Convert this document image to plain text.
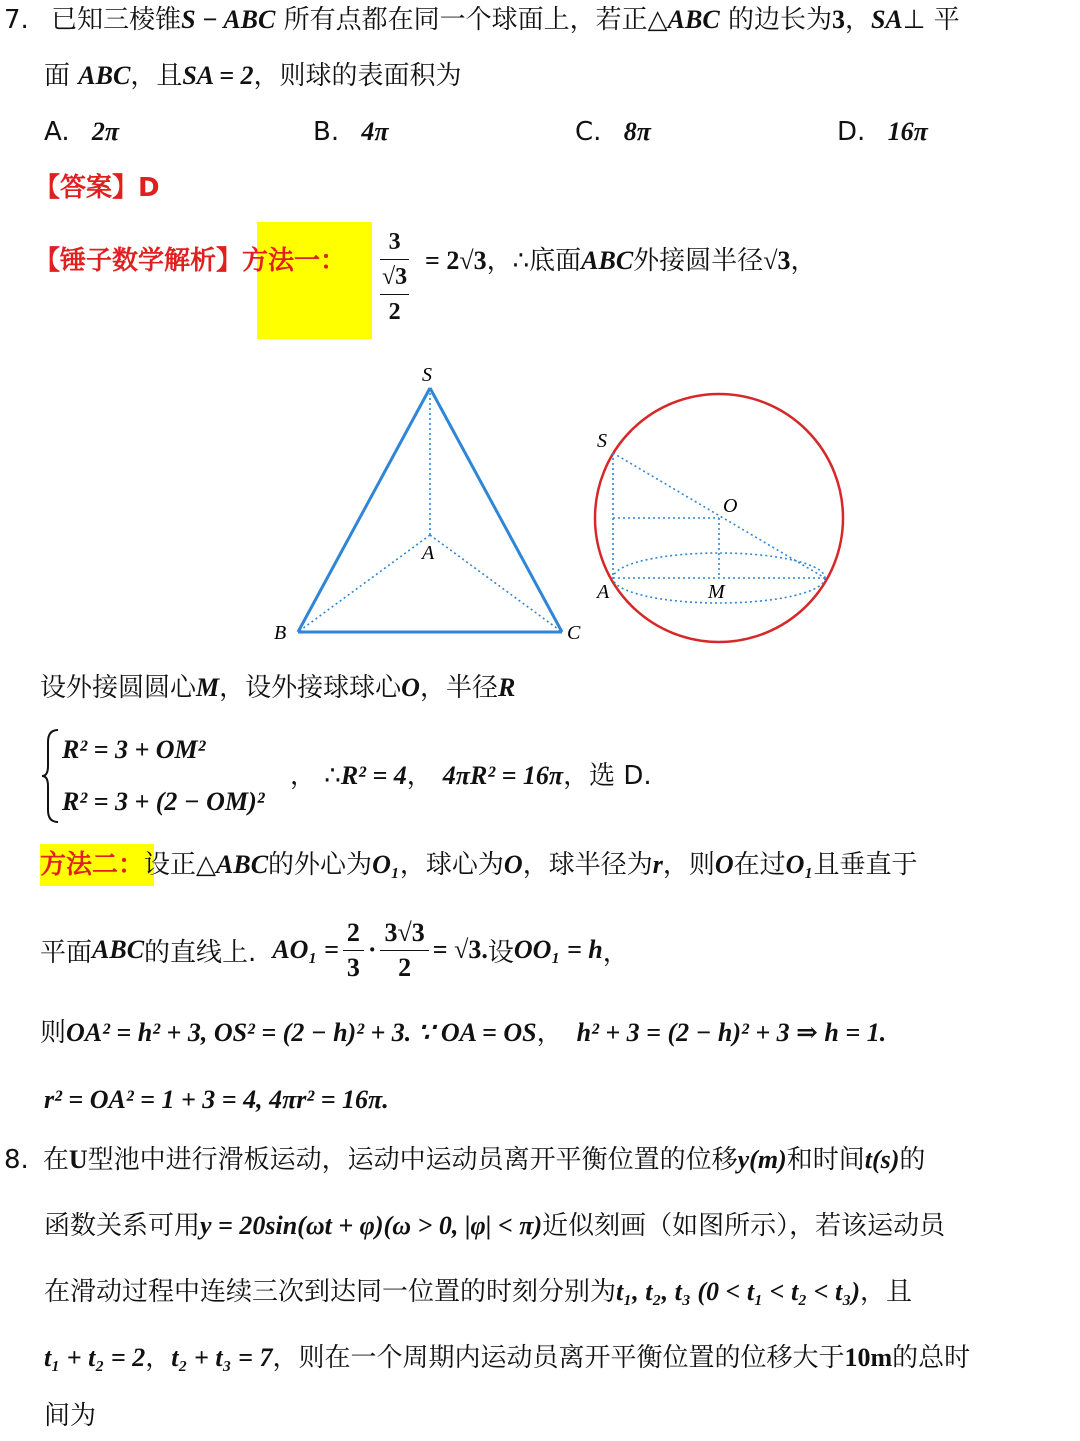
7. 已知三棱锥S − ABC 所有点都在同一个球面上，若正△ABC 的边长为3，SA⊥ 平
面 ABC，且SA = 2，则球的表面积为
A. 2π	B. 4π	C. 8π	D. 16π
【答案】D
【锤子数学解析】方法一：
3
√3
2
= 2√3，∴底面ABC外接圆半径√3，
S
A
B	C
S
O
A	M
设外接圆圆心M，设外接球球心O，半径R
R² = 3 + OM²
R² = 3 + (2 − OM)²
， ∴R² = 4， 4πR² = 16π，选 D.
方法二：设正△ABC的外心为O₁，球心为O，球半径为r，则O在过O₁且垂直于
平面 ABC 的直线上. $AO_1 = \frac{2}{3} \cdot \frac{3√3}{2} = √3$. 设 OO₁ = h ，
则OA² = h² + 3, OS² = (2 − h)² + 3. ∵ OA = OS， h² + 3 = (2 − h)² + 3 ⇒ h = 1.
r² = OA² = 1 + 3 = 4, 4πr² = 16π.
8. 在U型池中进行滑板运动，运动中运动员离开平衡位置的位移y(m)和时间t(s)的
函数关系可用y = 20sin(ωt + φ)(ω > 0, |φ| < π)近似刻画（如图所示），若该运动员
在滑动过程中连续三次到达同一位置的时刻分别为t₁, t₂, t₃ (0 < t₁ < t₂ < t₃)，且
t₁ + t₂ = 2，t₂ + t₃ = 7，则在一个周期内运动员离开平衡位置的位移大于10m的总时
间为
